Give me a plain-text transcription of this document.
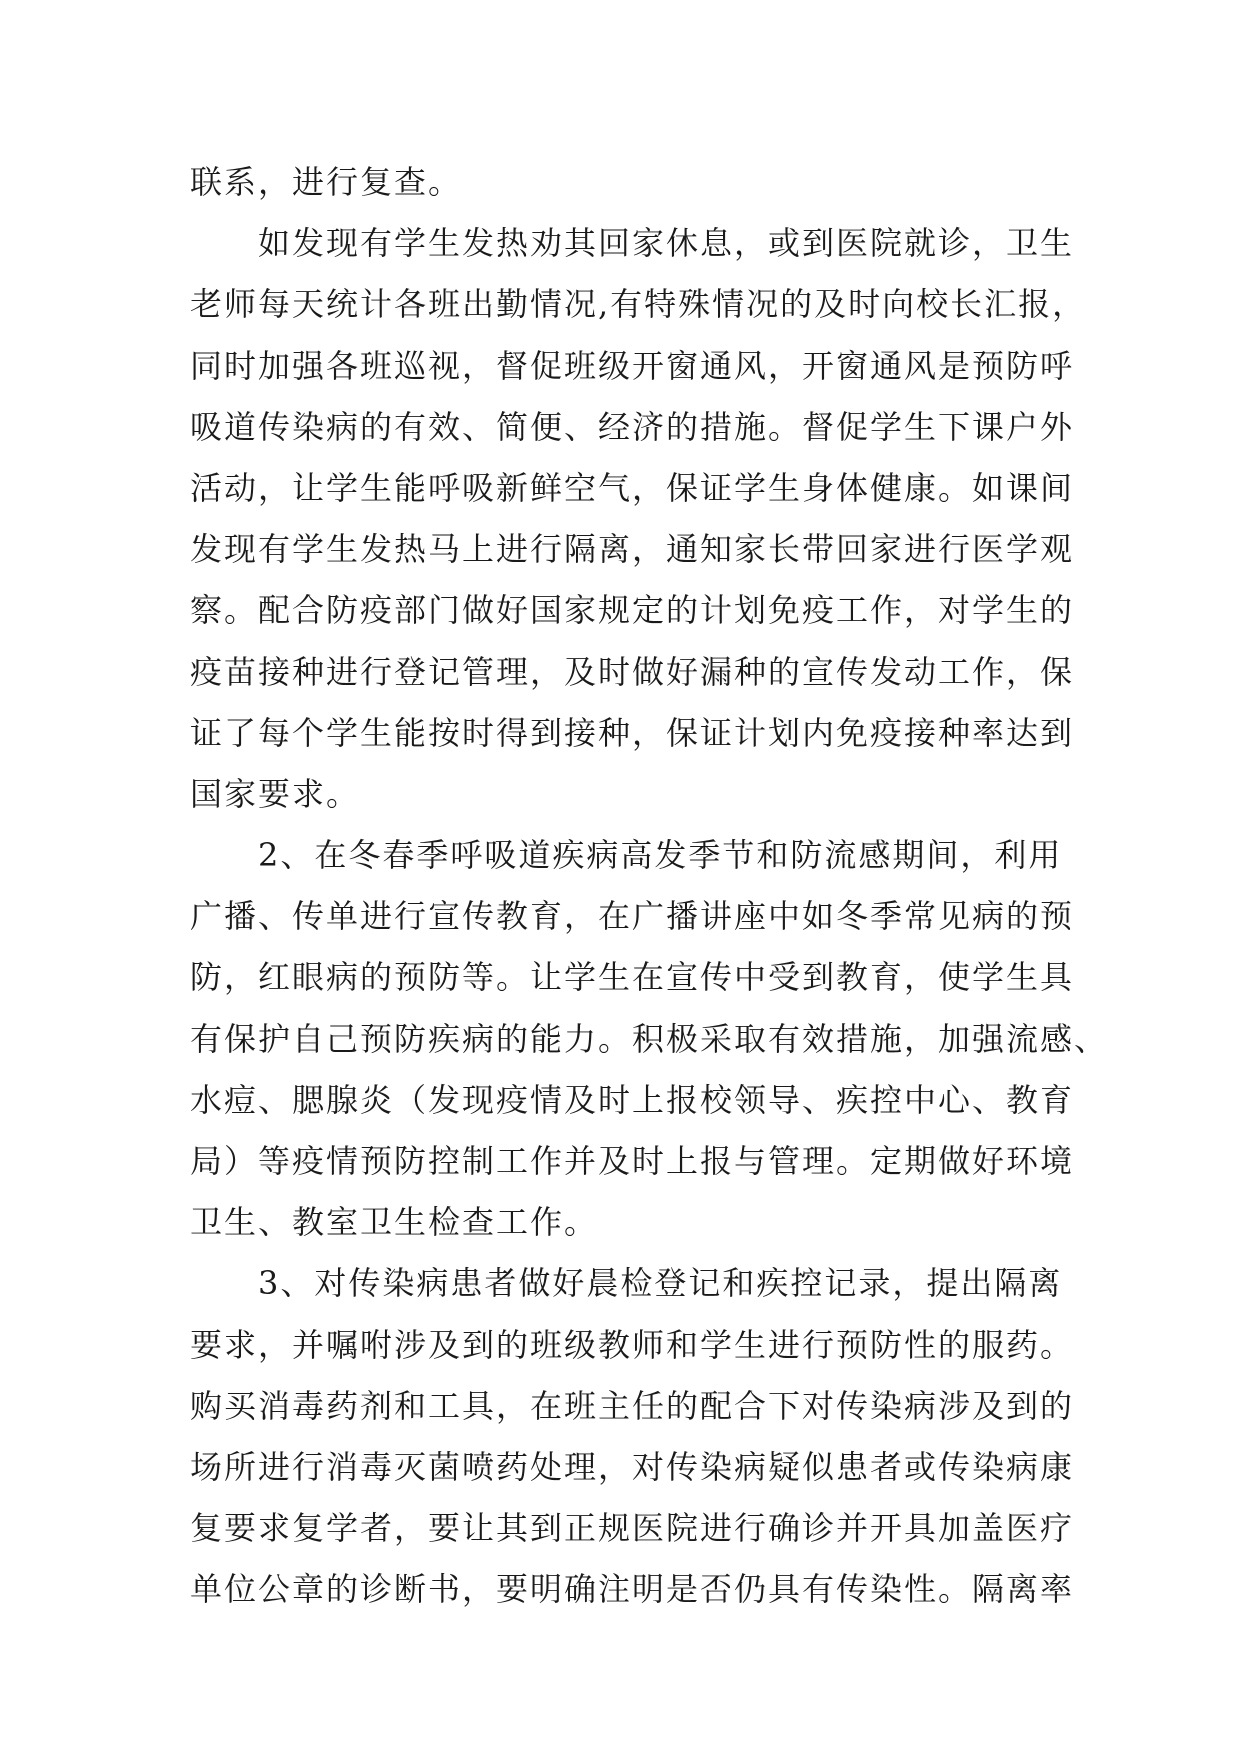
联系，进行复查。
如发现有学生发热劝其回家休息，或到医院就诊，卫生
老师每天统计各班出勤情况,有特殊情况的及时向校长汇报，
同时加强各班巡视，督促班级开窗通风，开窗通风是预防呼
吸道传染病的有效、简便、经济的措施。督促学生下课户外
活动，让学生能呼吸新鲜空气，保证学生身体健康。如课间
发现有学生发热马上进行隔离，通知家长带回家进行医学观
察。配合防疫部门做好国家规定的计划免疫工作，对学生的
疫苗接种进行登记管理，及时做好漏种的宣传发动工作，保
证了每个学生能按时得到接种，保证计划内免疫接种率达到
国家要求。
2、在冬春季呼吸道疾病高发季节和防流感期间，利用
广播、传单进行宣传教育，在广播讲座中如冬季常见病的预
防，红眼病的预防等。让学生在宣传中受到教育，使学生具
有保护自己预防疾病的能力。积极采取有效措施，加强流感、
水痘、腮腺炎（发现疫情及时上报校领导、疾控中心、教育
局）等疫情预防控制工作并及时上报与管理。定期做好环境
卫生、教室卫生检查工作。
3、对传染病患者做好晨检登记和疾控记录，提出隔离
要求，并嘱咐涉及到的班级教师和学生进行预防性的服药。
购买消毒药剂和工具，在班主任的配合下对传染病涉及到的
场所进行消毒灭菌喷药处理，对传染病疑似患者或传染病康
复要求复学者，要让其到正规医院进行确诊并开具加盖医疗
单位公章的诊断书，要明确注明是否仍具有传染性。隔离率
